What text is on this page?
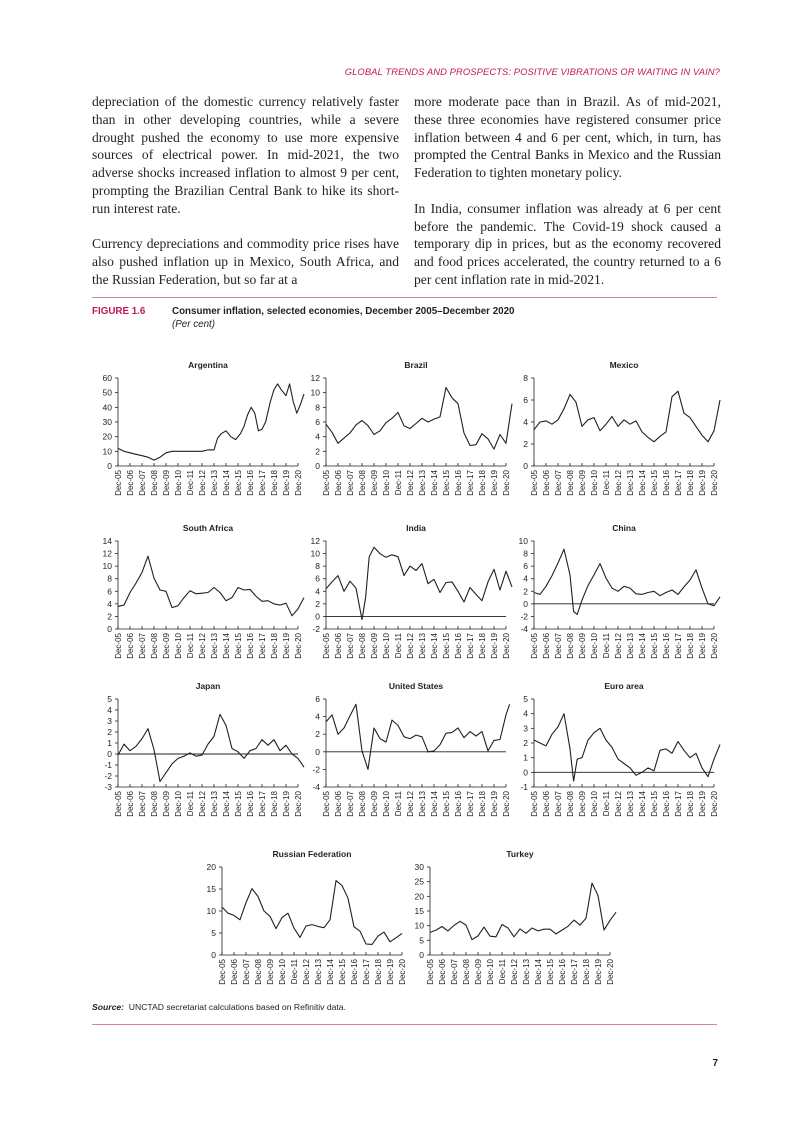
GLOBAL TRENDS AND PROSPECTS: POSITIVE VIBRATIONS OR WAITING IN VAIN?

depreciation of the domestic currency relatively faster than in other developing countries, while a severe drought pushed the economy to use more expensive sources of electrical power. In mid-2021, the two adverse shocks increased inflation to almost 9 per cent, prompting the Brazilian Central Bank to hike its short-run interest rate.

Currency depreciations and commodity price rises have also pushed inflation up in Mexico, South Africa, and the Russian Federation, but so far at a

more moderate pace than in Brazil. As of mid-2021, these three economies have registered consumer price inflation between 4 and 6 per cent, which, in turn, has prompted the Central Banks in Mexico and the Russian Federation to tighten monetary policy.

In India, consumer inflation was already at 6 per cent before the pandemic. The Covid-19 shock caused a temporary dip in prices, but as the economy recovered and food prices accelerated, the country returned to a 6 per cent inflation rate in mid-2021.

FIGURE 1.6	Consumer inflation, selected economies, December 2005–December 2020
(Per cent)
Argentina
0
10
20
30
40
50
60
Dec-05 Dec-06 Dec-07 Dec-08 Dec-09 Dec-10 Dec-11 Dec-12 Dec-13 Dec-14 Dec-15 Dec-16 Dec-17 Dec-18 Dec-19 Dec-20
Brazil
0
2
4
6
8
10
12
Dec-05 Dec-06 Dec-07 Dec-08 Dec-09 Dec-10 Dec-11 Dec-12 Dec-13 Dec-14 Dec-15 Dec-16 Dec-17 Dec-18 Dec-19 Dec-20
Mexico
0
2
4
6
8
Dec-05 Dec-06 Dec-07 Dec-08 Dec-09 Dec-10 Dec-11 Dec-12 Dec-13 Dec-14 Dec-15 Dec-16 Dec-17 Dec-18 Dec-19 Dec-20
South Africa
0
2
4
6
8
10
12
14
Dec-05 Dec-06 Dec-07 Dec-08 Dec-09 Dec-10 Dec-11 Dec-12 Dec-13 Dec-14 Dec-15 Dec-16 Dec-17 Dec-18 Dec-19 Dec-20
India
-2
0
2
4
6
8
10
12
Dec-05 Dec-06 Dec-07 Dec-08 Dec-09 Dec-10 Dec-11 Dec-12 Dec-13 Dec-14 Dec-15 Dec-16 Dec-17 Dec-18 Dec-19 Dec-20
China
-4
-2
0
2
4
6
8
10
Dec-05 Dec-06 Dec-07 Dec-08 Dec-09 Dec-10 Dec-11 Dec-12 Dec-13 Dec-14 Dec-15 Dec-16 Dec-17 Dec-18 Dec-19 Dec-20
Japan
-3
-2
-1
0
1
2
3
4
5
Dec-05 Dec-06 Dec-07 Dec-08 Dec-09 Dec-10 Dec-11 Dec-12 Dec-13 Dec-14 Dec-15 Dec-16 Dec-17 Dec-18 Dec-19 Dec-20
United States
-4
-2
0
2
4
6
Dec-05 Dec-06 Dec-07 Dec-08 Dec-09 Dec-10 Dec-11 Dec-12 Dec-13 Dec-14 Dec-15 Dec-16 Dec-17 Dec-18 Dec-19 Dec-20
Euro area
-1
0
1
2
3
4
5
Dec-05 Dec-06 Dec-07 Dec-08 Dec-09 Dec-10 Dec-11 Dec-12 Dec-13 Dec-14 Dec-15 Dec-16 Dec-17 Dec-18 Dec-19 Dec-20
Russian Federation
0
5
10
15
20
Dec-05 Dec-06 Dec-07 Dec-08 Dec-09 Dec-10 Dec-11 Dec-12 Dec-13 Dec-14 Dec-15 Dec-16 Dec-17 Dec-18 Dec-19 Dec-20
Turkey
0
5
10
15
20
25
30
Dec-05 Dec-06 Dec-07 Dec-08 Dec-09 Dec-10 Dec-11 Dec-12 Dec-13 Dec-14 Dec-15 Dec-16 Dec-17 Dec-18 Dec-19 Dec-20
Source: UNCTAD secretariat calculations based on Refinitiv data.
7
